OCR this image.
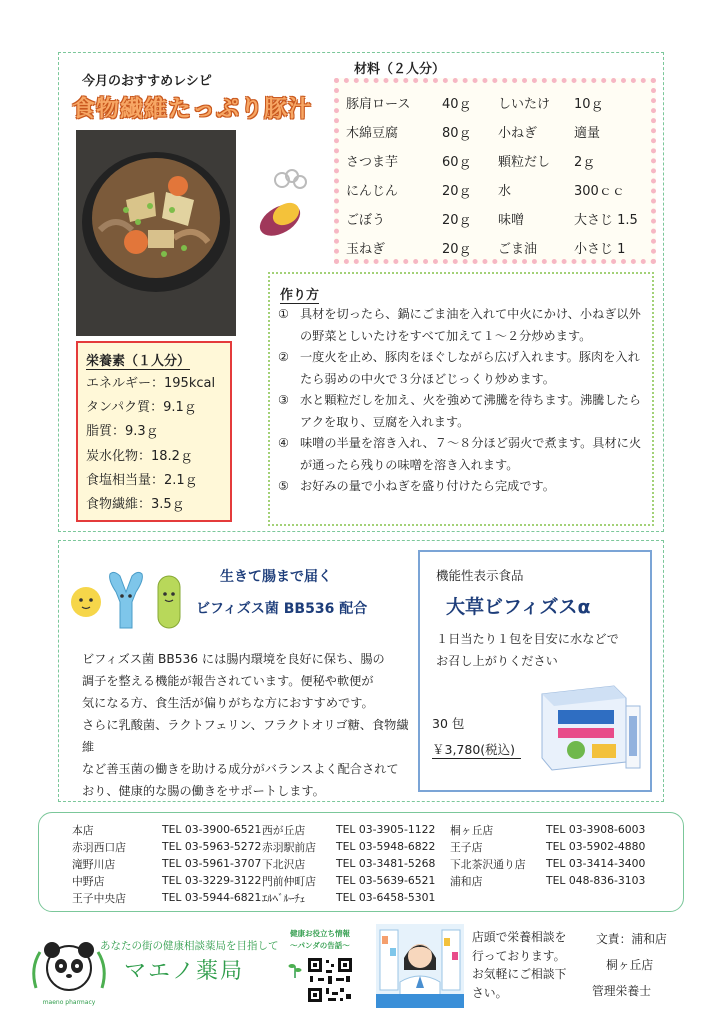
今月のおすすめレシピ
食物繊維たっぷり豚汁
材料（２人分）
豚肩ロース	40ｇ	しいたけ	10ｇ
木綿豆腐	80ｇ	小ねぎ	適量
さつま芋	60ｇ	顆粒だし	2ｇ
にんじん	20ｇ	水	300ｃｃ
ごぼう	20ｇ	味噌	大さじ 1.5
玉ねぎ	20ｇ	ごま油	小さじ 1
作り方
① 具材を切ったら、鍋にごま油を入れて中火にかけ、小ねぎ以外の野菜としいたけをすべて加えて１～２分炒めます。
② 一度火を止め、豚肉をほぐしながら広げ入れます。豚肉を入れたら弱めの中火で３分ほどじっくり炒めます。
③ 水と顆粒だしを加え、火を強めて沸騰を待ちます。沸騰したらアクを取り、豆腐を入れます。
④ 味噌の半量を溶き入れ、７～８分ほど弱火で煮ます。具材に火が通ったら残りの味噌を溶き入れます。
⑤ お好みの量で小ねぎを盛り付けたら完成です。
栄養素（１人分）
エネルギー：195kcal
タンパク質：9.1ｇ
脂質：9.3ｇ
炭水化物：18.2ｇ
食塩相当量：2.1ｇ
食物繊維：3.5ｇ
生きて腸まで届く
ビフィズス菌 BB536 配合
ビフィズス菌 BB536 には腸内環境を良好に保ち、腸の
調子を整える機能が報告されています。便秘や軟便が
気になる方、食生活が偏りがちな方におすすめです。
さらに乳酸菌、ラクトフェリン、フラクトオリゴ糖、食物繊維
など善玉菌の働きを助ける成分がバランスよく配合されて
おり、健康的な腸の働きをサポートします。
機能性表示食品
大草ビフィズスα
１日当たり１包を目安に水などで
お召し上がりください
30 包
￥3,780(税込)
本店	TEL 03-3900-6521
赤羽西口店	TEL 03-5963-5272
滝野川店	TEL 03-5961-3707
中野店	TEL 03-3229-3122
王子中央店	TEL 03-5944-6821
西が丘店	TEL 03-3905-1122
赤羽駅前店	TEL 03-5948-6822
下北沢店	TEL 03-3481-5268
門前仲町店	TEL 03-5639-6521
ｴﾙﾍﾞﾙｰﾁｪ	TEL 03-6458-5301
桐ヶ丘店	TEL 03-3908-6003
王子店	TEL 03-5902-4880
下北茶沢通り店	TEL 03-3414-3400
浦和店	TEL 048-836-3103
maeno pharmacy
あなたの街の健康相談薬局を目指して
マエノ薬局
健康お役立ち情報
～パンダの告話～
店頭で栄養相談を
行っております。
お気軽にご相談下
さい。
文責：浦和店
桐ヶ丘店
管理栄養士
